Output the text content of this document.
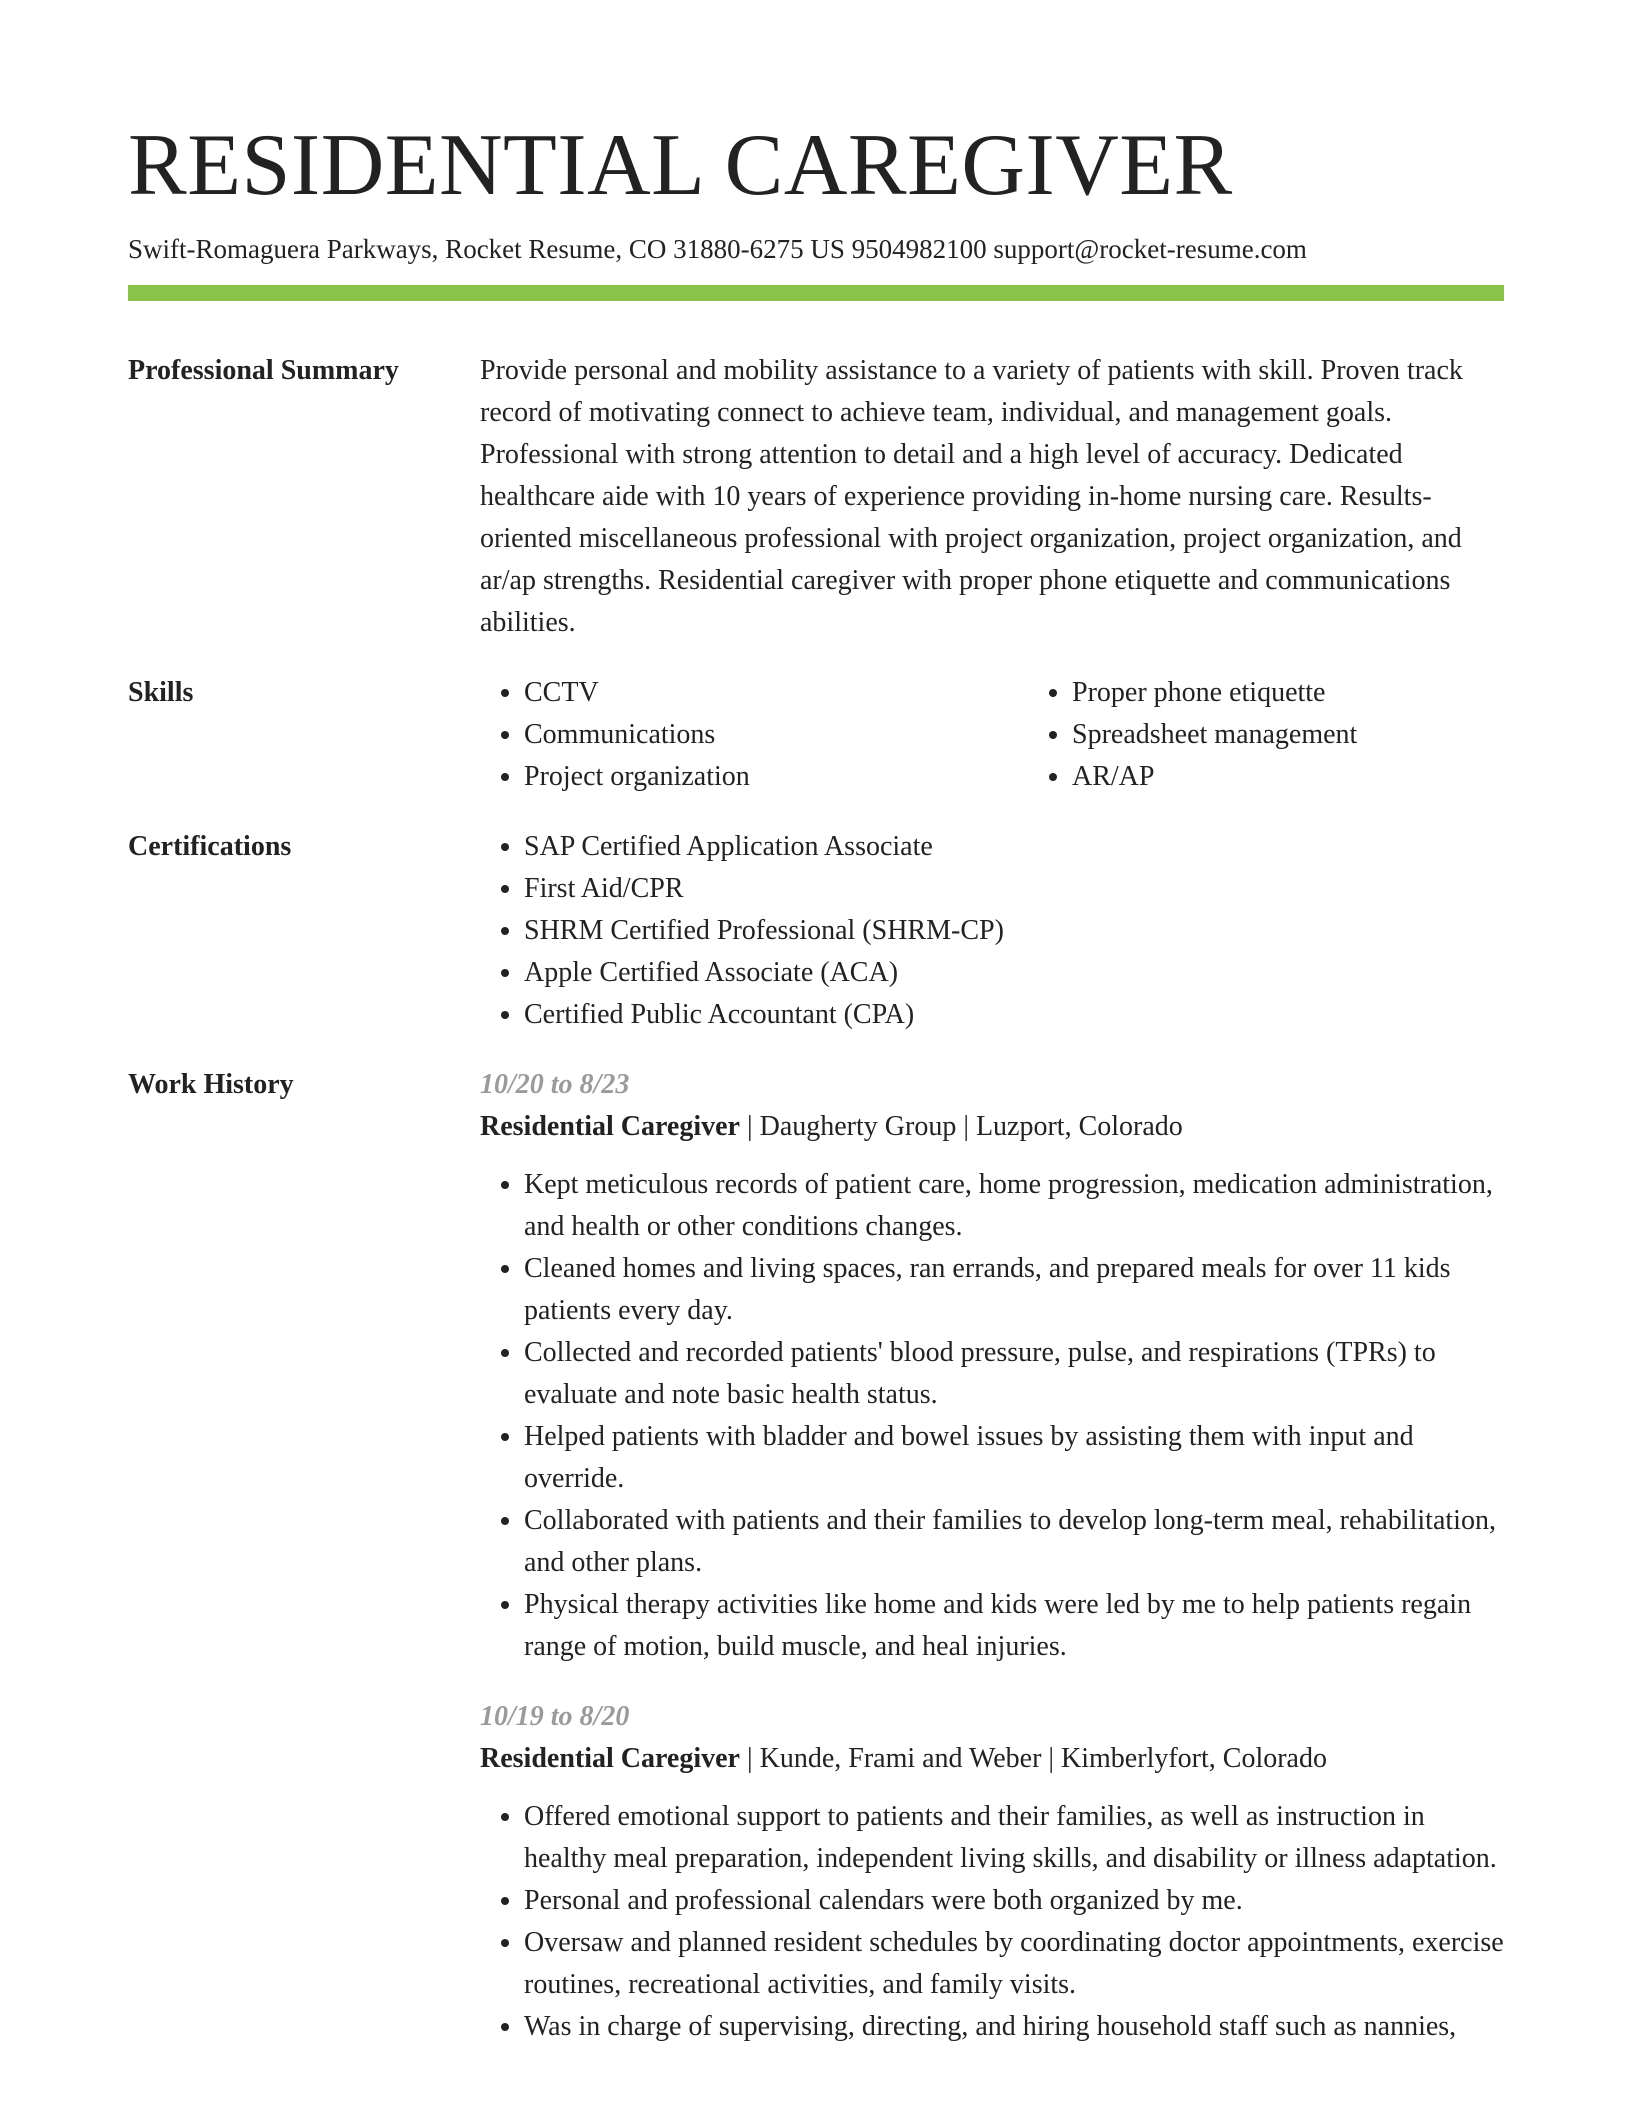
RESIDENTIAL CAREGIVER
Swift-Romaguera Parkways, Rocket Resume, CO 31880-6275 US 9504982100 support@rocket-resume.com
Professional Summary	Provide personal and mobility assistance to a variety of patients with skill. Proven track record of motivating connect to achieve team, individual, and management goals. Professional with strong attention to detail and a high level of accuracy. Dedicated healthcare aide with 10 years of experience providing in-home nursing care. Results-oriented miscellaneous professional with project organization, project organization, and ar/ap strengths. Residential caregiver with proper phone etiquette and communications abilities.

Skills	• CCTV
• Communications
• Project organization
• Proper phone etiquette
• Spreadsheet management
• AR/AP
Certifications	• SAP Certified Application Associate
• First Aid/CPR
• SHRM Certified Professional (SHRM-CP)
• Apple Certified Associate (ACA)
• Certified Public Accountant (CPA)
Work History	10/20 to 8/23
Residential Caregiver | Daugherty Group | Luzport, Colorado
• Kept meticulous records of patient care, home progression, medication administration, and health or other conditions changes.
• Cleaned homes and living spaces, ran errands, and prepared meals for over 11 kids patients every day.
• Collected and recorded patients' blood pressure, pulse, and respirations (TPRs) to evaluate and note basic health status.
• Helped patients with bladder and bowel issues by assisting them with input and override.
• Collaborated with patients and their families to develop long-term meal, rehabilitation, and other plans.
• Physical therapy activities like home and kids were led by me to help patients regain range of motion, build muscle, and heal injuries.
10/19 to 8/20
Residential Caregiver | Kunde, Frami and Weber | Kimberlyfort, Colorado
• Offered emotional support to patients and their families, as well as instruction in healthy meal preparation, independent living skills, and disability or illness adaptation.
• Personal and professional calendars were both organized by me.
• Oversaw and planned resident schedules by coordinating doctor appointments, exercise routines, recreational activities, and family visits.
• Was in charge of supervising, directing, and hiring household staff such as nannies,
